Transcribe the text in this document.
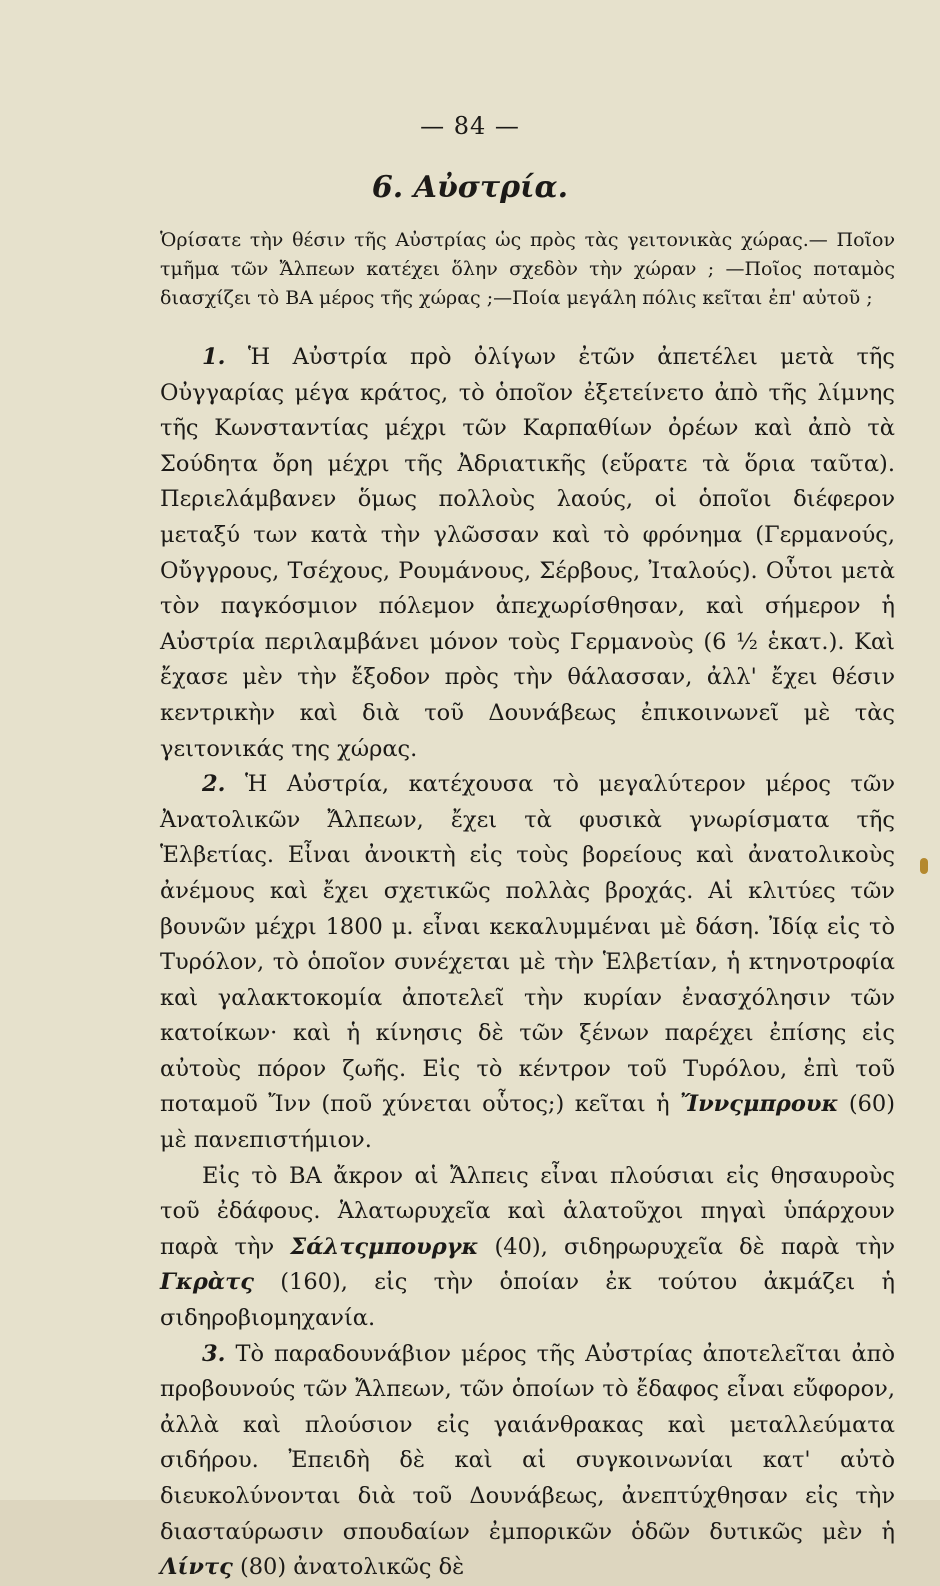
— 84 —
6. Αὐστρία.
Ὁρίσατε τὴν θέσιν τῆς Αὐστρίας ὡς πρὸς τὰς γειτονικὰς χώρας.— Ποῖον τμῆμα τῶν Ἄλπεων κατέχει ὅλην σχεδὸν τὴν χώραν ; —Ποῖος ποταμὸς διασχίζει τὸ ΒΑ μέρος τῆς χώρας ;—Ποία μεγάλη πόλις κεῖται ἐπ' αὐτοῦ ;

1. Ἡ Αὐστρία πρὸ ὀλίγων ἐτῶν ἀπετέλει μετὰ τῆς Οὐγγαρίας μέγα κράτος, τὸ ὁποῖον ἐξετείνετο ἀπὸ τῆς λίμνης τῆς Κωνσταντίας μέχρι τῶν Καρπαθίων ὀρέων καὶ ἀπὸ τὰ Σούδητα ὄρη μέχρι τῆς Ἀδριατικῆς (εὕρατε τὰ ὅρια ταῦτα). Περιελάμβανεν ὅμως πολλοὺς λαούς, οἱ ὁποῖοι διέφερον μεταξύ των κατὰ τὴν γλῶσσαν καὶ τὸ φρόνημα (Γερμανούς, Οὔγγρους, Τσέχους, Ρουμάνους, Σέρβους, Ἰταλούς). Οὗτοι μετὰ τὸν παγκόσμιον πόλεμον ἀπεχωρίσθησαν, καὶ σήμερον ἡ Αὐστρία περιλαμβάνει μόνον τοὺς Γερμανοὺς (6 ½ ἑκατ.). Καὶ ἔχασε μὲν τὴν ἔξοδον πρὸς τὴν θάλασσαν, ἀλλ' ἔχει θέσιν κεντρικὴν καὶ διὰ τοῦ Δουνάβεως ἐπικοινωνεῖ μὲ τὰς γειτονικάς της χώρας.

2. Ἡ Αὐστρία, κατέχουσα τὸ μεγαλύτερον μέρος τῶν Ἀνατολικῶν Ἄλπεων, ἔχει τὰ φυσικὰ γνωρίσματα τῆς Ἑλβετίας. Εἶναι ἀνοικτὴ εἰς τοὺς βορείους καὶ ἀνατολικοὺς ἀνέμους καὶ ἔχει σχετικῶς πολλὰς βροχάς. Αἱ κλιτύες τῶν βουνῶν μέχρι 1800 μ. εἶναι κεκαλυμμέναι μὲ δάση. Ἰδίᾳ εἰς τὸ Τυρόλον, τὸ ὁποῖον συνέχεται μὲ τὴν Ἑλβετίαν, ἡ κτηνοτροφία καὶ γαλακτοκομία ἀποτελεῖ τὴν κυρίαν ἐνασχόλησιν τῶν κατοίκων· καὶ ἡ κίνησις δὲ τῶν ξένων παρέχει ἐπίσης εἰς αὐτοὺς πόρον ζωῆς. Εἰς τὸ κέντρον τοῦ Τυρόλου, ἐπὶ τοῦ ποταμοῦ Ἴνν (ποῦ χύνεται οὗτος;) κεῖται ἡ Ἴννςμπρουκ (60) μὲ πανεπιστήμιον.

Εἰς τὸ ΒΑ ἄκρον αἱ Ἄλπεις εἶναι πλούσιαι εἰς θησαυροὺς τοῦ ἐδάφους. Ἁλατωρυχεῖα καὶ ἁλατοῦχοι πηγαὶ ὑπάρχουν παρὰ τὴν Σάλτςμπουργκ (40), σιδηρωρυχεῖα δὲ παρὰ τὴν Γκρὰτς (160), εἰς τὴν ὁποίαν ἐκ τούτου ἀκμάζει ἡ σιδηροβιομηχανία.

3. Τὸ παραδουνάβιον μέρος τῆς Αὐστρίας ἀποτελεῖται ἀπὸ προβουνούς τῶν Ἄλπεων, τῶν ὁποίων τὸ ἔδαφος εἶναι εὔφορον, ἀλλὰ καὶ πλούσιον εἰς γαιάνθρακας καὶ μεταλλεύματα σιδήρου. Ἐπειδὴ δὲ καὶ αἱ συγκοινωνίαι κατ' αὐτὸ διευκολύνονται διὰ τοῦ Δουνάβεως, ἀνεπτύχθησαν εἰς τὴν διασταύρωσιν σπουδαίων ἐμπορικῶν ὁδῶν δυτικῶς μὲν ἡ Λίντς (80) ἀνατολικῶς δὲ
